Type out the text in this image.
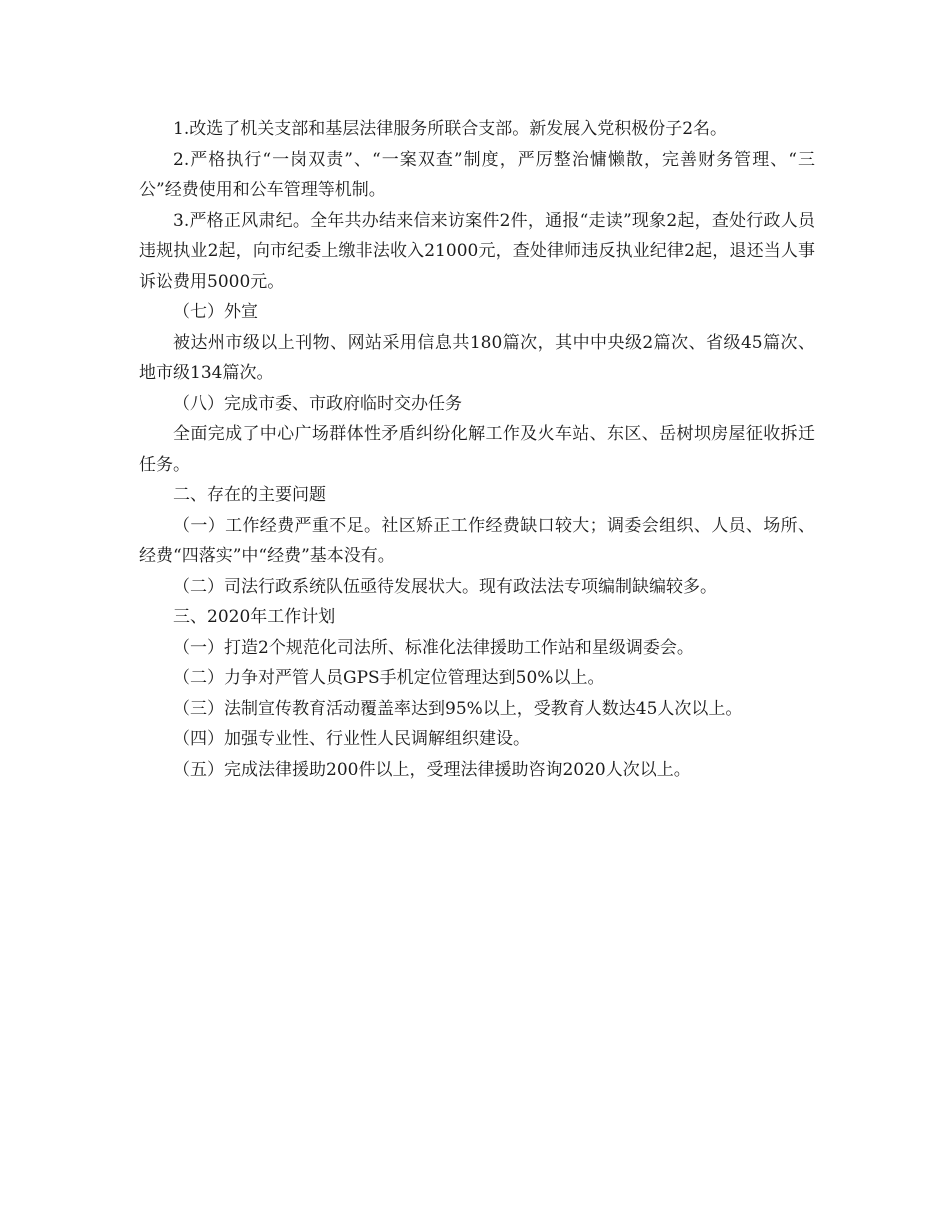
1.改选了机关支部和基层法律服务所联合支部。新发展入党积极份子2名。

2.严格执行“一岗双责”、“一案双查”制度，严厉整治慵懒散，完善财务管理、“三公”经费使用和公车管理等机制。

3.严格正风肃纪。全年共办结来信来访案件2件，通报“走读”现象2起，查处行政人员违规执业2起，向市纪委上缴非法收入21000元，查处律师违反执业纪律2起，退还当人事诉讼费用5000元。

（七）外宣

被达州市级以上刊物、网站采用信息共180篇次，其中中央级2篇次、省级45篇次、地市级134篇次。

（八）完成市委、市政府临时交办任务

全面完成了中心广场群体性矛盾纠纷化解工作及火车站、东区、岳树坝房屋征收拆迁任务。

二、存在的主要问题

（一）工作经费严重不足。社区矫正工作经费缺口较大；调委会组织、人员、场所、经费“四落实”中“经费”基本没有。

（二）司法行政系统队伍亟待发展状大。现有政法法专项编制缺编较多。

三、2020年工作计划

（一）打造2个规范化司法所、标准化法律援助工作站和星级调委会。

（二）力争对严管人员GPS手机定位管理达到50%以上。

（三）法制宣传教育活动覆盖率达到95%以上，受教育人数达45人次以上。

（四）加强专业性、行业性人民调解组织建设。

（五）完成法律援助200件以上，受理法律援助咨询2020人次以上。
